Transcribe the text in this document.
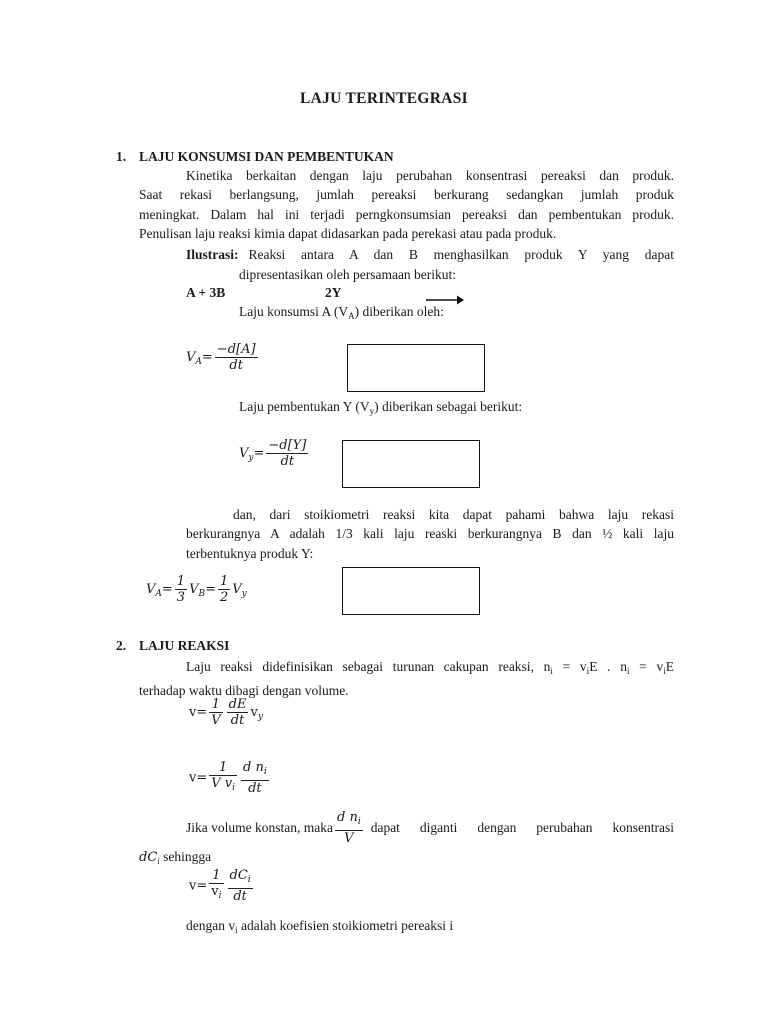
LAJU TERINTEGRASI
1. LAJU KONSUMSI DAN PEMBENTUKAN
Kinetika berkaitan dengan laju perubahan konsentrasi pereaksi dan produk.
Saat rekasi berlangsung, jumlah pereaksi berkurang sedangkan jumlah produk
meningkat. Dalam hal ini terjadi perngkonsumsian pereaksi dan pembentukan produk.
Penulisan laju reaksi kimia dapat didasarkan pada perekasi atau pada produk.
Ilustrasi: Reaksi antara A dan B menghasilkan produk Y yang dapat
dipresentasikan oleh persamaan berikut:
A + 3B	2Y
Laju konsumsi A $(V_A)$ diberikan oleh:
$V_A= \frac{-d[A]}{dt}$
Laju pembentukan Y $(V_y)$ diberikan sebagai berikut:
$V_y= \frac{-d[Y]}{dt}$
dan, dari stoikiometri reaksi kita dapat pahami bahwa laju rekasi
berkurangnya A adalah 1/3 kali laju reaski berkurangnya B dan ½ kali laju
terbentuknya produk Y:
$V_A= \frac{1}{3} V_B= \frac{1}{2} V_y$
2. LAJU REAKSI
Laju reaksi didefinisikan sebagai turunan cakupan reaksi, $n_i = v_iE$ . $n_i = v_iE$
terhadap waktu dibagi dengan volume.
$v= \frac{1}{V} \frac{dE}{dt} v_y$
$v= \frac{1}{V v_i} \frac{d n_i}{dt}$
Jika volume konstan, maka $\frac{d n_i}{V}$ dapat diganti dengan perubahan konsentrasi
$dC_i$ sehingga
$v= \frac{1}{v_i} \frac{dC_i}{dt}$
dengan $v_i$ adalah koefisien stoikiometri pereaksi i
